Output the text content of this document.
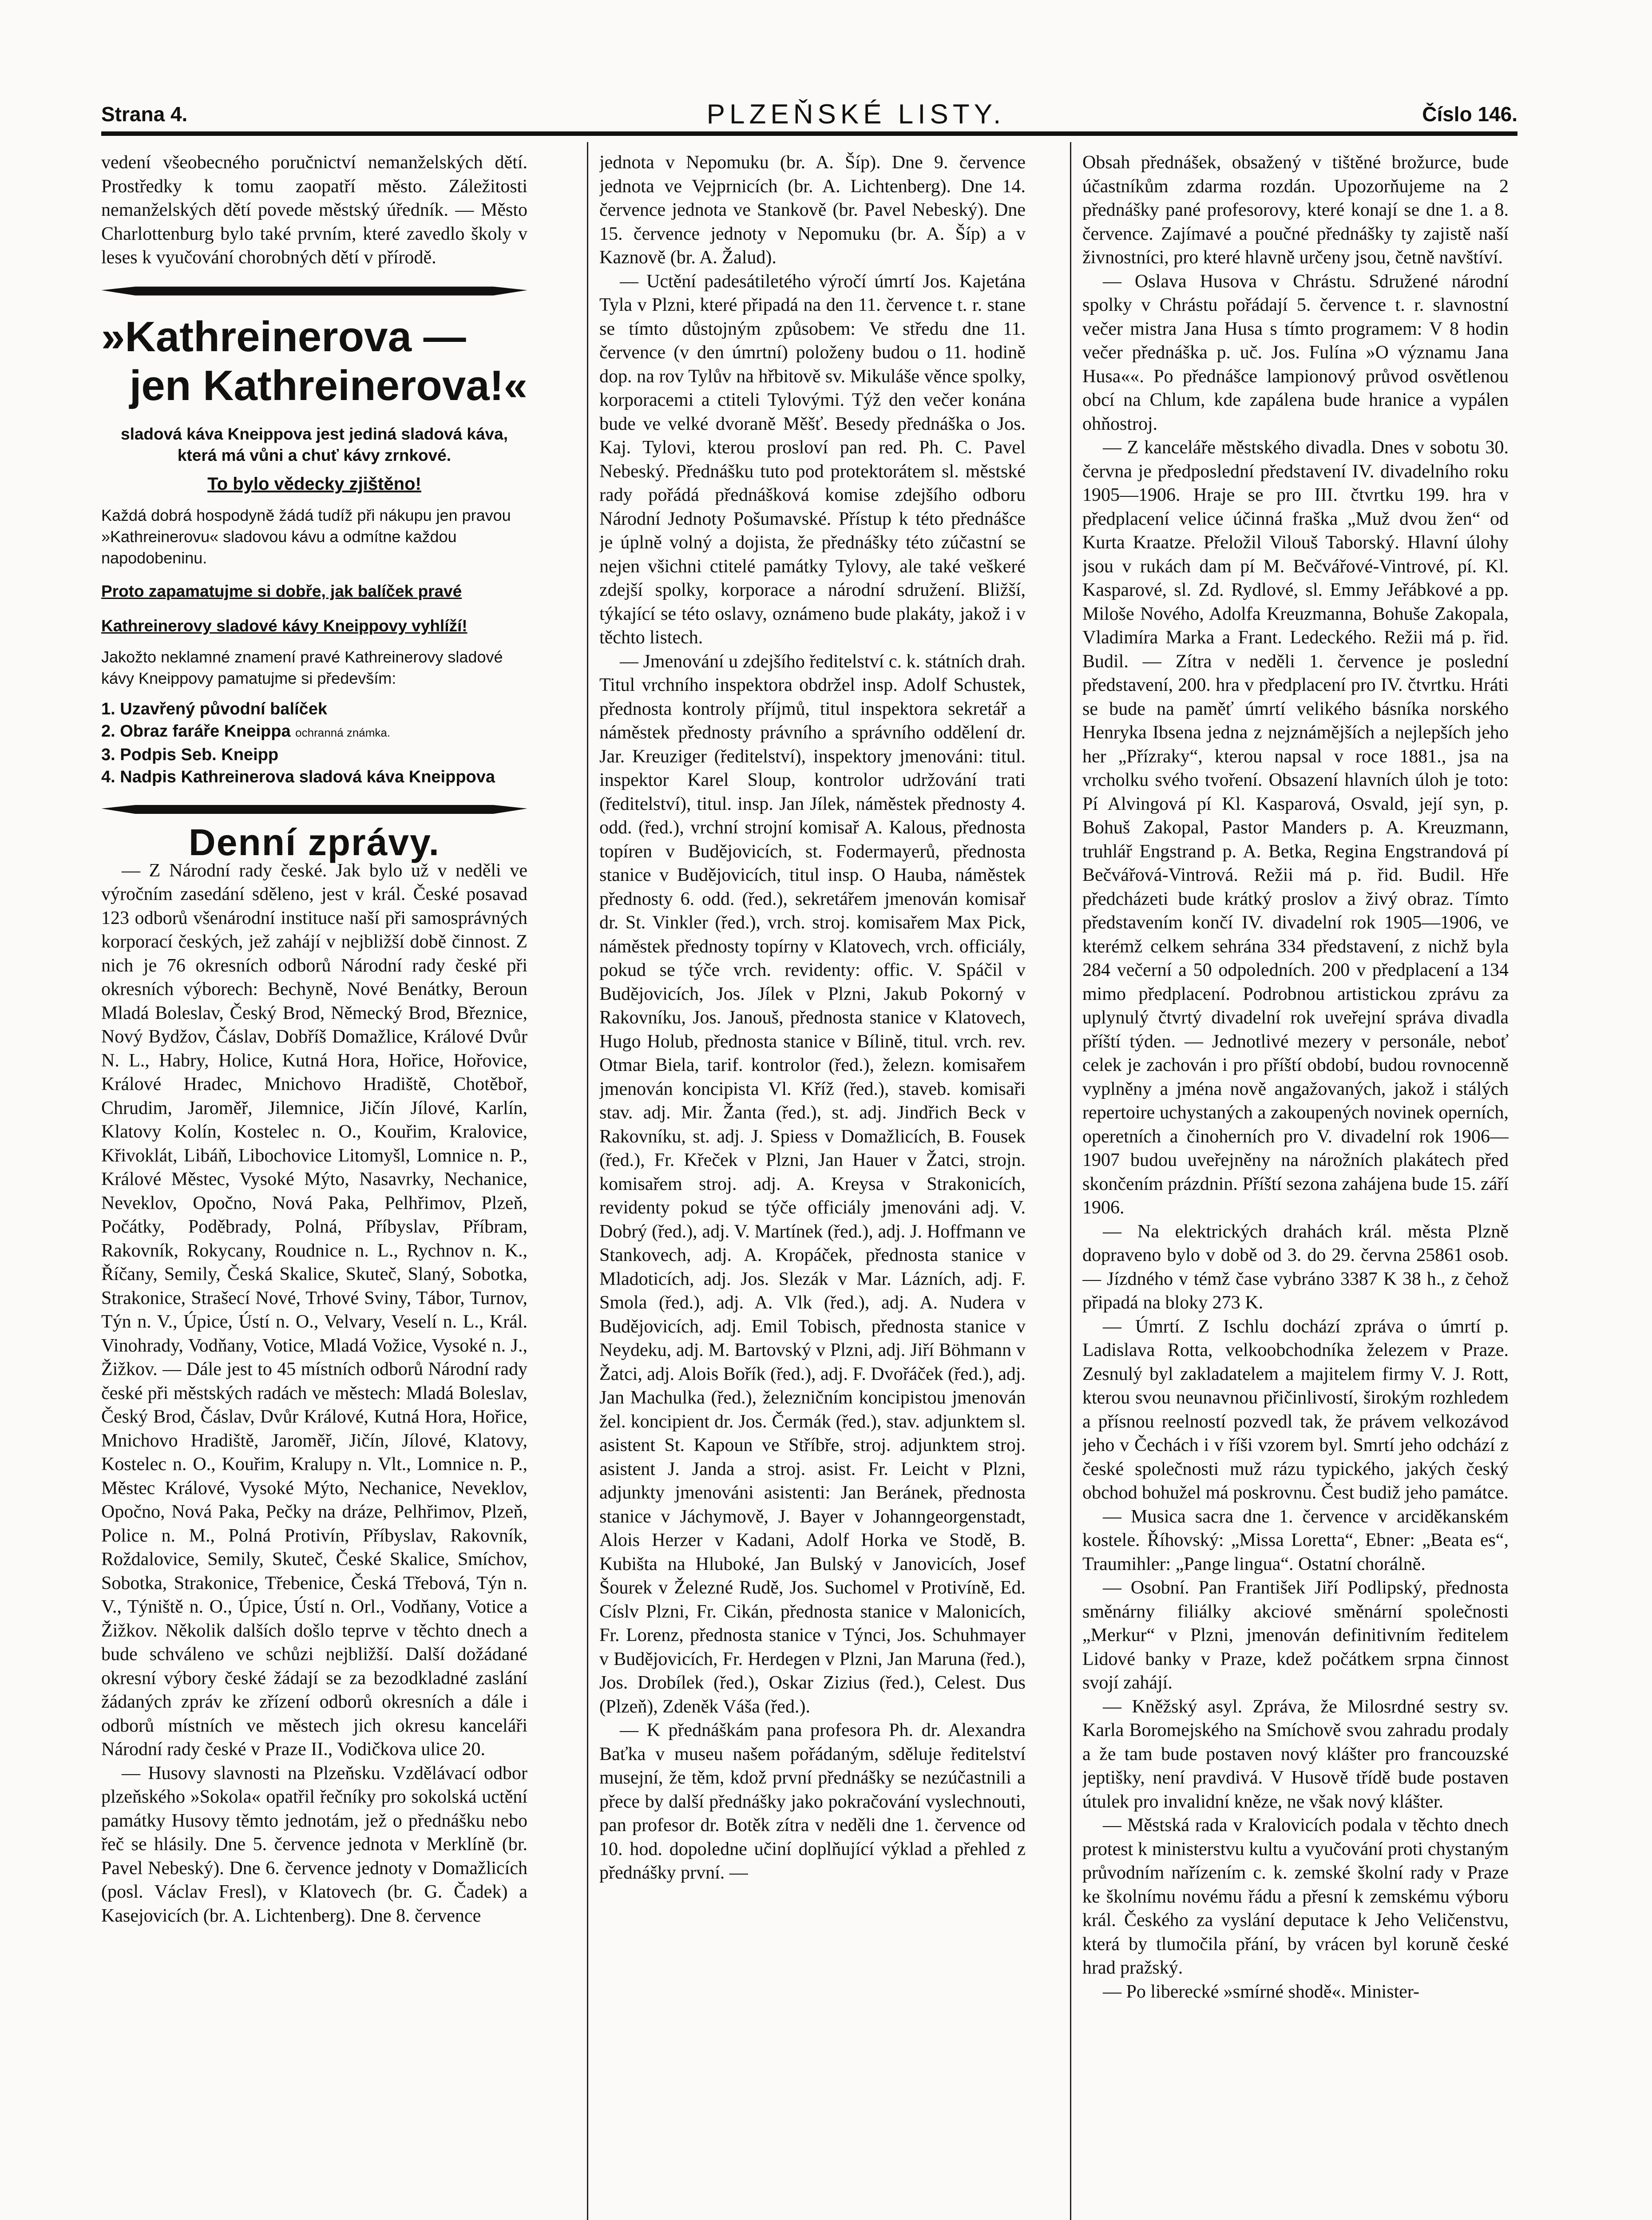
Strana 4.	PLZEŇSKÉ LISTY.	Číslo 146.

vedení všeobecného poručnictví nemanželských dětí. Prostředky k tomu zaopatří město. Záležitosti nemanželských dětí povede městský úředník. — Město Charlottenburg bylo také prvním, které zavedlo školy v leses k vyučování chorobných dětí v přírodě.

»Kathreinerova —
jen Kathreinerova!«
sladová káva Kneippova jest jediná sladová káva, která má vůni a chuť kávy zrnkové.
To bylo vědecky zjištěno!
Každá dobrá hospodyně žádá tudíž při nákupu jen pravou »Kathreinerovu« sladovou kávu a odmítne každou napodobeninu.
Proto zapamatujme si dobře, jak balíček pravé
Kathreinerovy sladové kávy Kneippovy vyhlíží!
Jakožto neklamné znamení pravé Kathreinerovy sladové kávy Kneippovy pamatujme si především:
1. Uzavřený původní balíček
2. Obraz faráře Kneippa ochranná známka.
3. Podpis Seb. Kneipp
4. Nadpis Kathreinerova sladová káva Kneippova
Denní zprávy.

— Z Národní rady české. Jak bylo už v neděli ve výročním zasedání sděleno, jest v král. České posavad 123 odborů všenárodní instituce naší při samosprávných korporací českých, jež zahájí v nejbližší době činnost. Z nich je 76 okresních odborů Národní rady české při okresních výborech: Bechyně, Nové Benátky, Beroun Mladá Boleslav, Český Brod, Německý Brod, Březnice, Nový Bydžov, Čáslav, Dobříš Domažlice, Králové Dvůr N. L., Habry, Holice, Kutná Hora, Hořice, Hořovice, Králové Hradec, Mnichovo Hradiště, Chotěboř, Chrudim, Jaroměř, Jilemnice, Jičín Jílové, Karlín, Klatovy Kolín, Kostelec n. O., Kouřim, Kralovice, Křivoklát, Libáň, Libochovice Litomyšl, Lomnice n. P., Králové Městec, Vysoké Mýto, Nasavrky, Nechanice, Neveklov, Opočno, Nová Paka, Pelhřimov, Plzeň, Počátky, Poděbrady, Polná, Příbyslav, Příbram, Rakovník, Rokycany, Roudnice n. L., Rychnov n. K., Říčany, Semily, Česká Skalice, Skuteč, Slaný, Sobotka, Strakonice, Strašecí Nové, Trhové Sviny, Tábor, Turnov, Týn n. V., Úpice, Ústí n. O., Velvary, Veselí n. L., Král. Vinohrady, Vodňany, Votice, Mladá Vožice, Vysoké n. J., Žižkov. — Dále jest to 45 místních odborů Národní rady české při městských radách ve městech: Mladá Boleslav, Český Brod, Čáslav, Dvůr Králové, Kutná Hora, Hořice, Mnichovo Hradiště, Jaroměř, Jičín, Jílové, Klatovy, Kostelec n. O., Kouřim, Kralupy n. Vlt., Lomnice n. P., Městec Králové, Vysoké Mýto, Nechanice, Neveklov, Opočno, Nová Paka, Pečky na dráze, Pelhřimov, Plzeň, Police n. M., Polná Protivín, Příbyslav, Rakovník, Roždalovice, Semily, Skuteč, České Skalice, Smíchov, Sobotka, Strakonice, Třebenice, Česká Třebová, Týn n. V., Týniště n. O., Úpice, Ústí n. Orl., Vodňany, Votice a Žižkov. Několik dalších došlo teprve v těchto dnech a bude schváleno ve schůzi nejbližší. Další dožádané okresní výbory české žádají se za bezodkladné zaslání žádaných zpráv ke zřízení odborů okresních a dále i odborů místních ve městech jich okresu kanceláři Národní rady české v Praze II., Vodičkova ulice 20.

— Husovy slavnosti na Plzeňsku. Vzdělávací odbor plzeňského »Sokola« opatřil řečníky pro sokolská uctění památky Husovy těmto jednotám, jež o přednášku nebo řeč se hlásily. Dne 5. července jednota v Merklíně (br. Pavel Nebeský). Dne 6. července jednoty v Domažlicích (posl. Václav Fresl), v Klatovech (br. G. Čadek) a Kasejovicích (br. A. Lichtenberg). Dne 8. července

jednota v Nepomuku (br. A. Šíp). Dne 9. července jednota ve Vejprnicích (br. A. Lichtenberg). Dne 14. července jednota ve Stankově (br. Pavel Nebeský). Dne 15. července jednoty v Nepomuku (br. A. Šíp) a v Kaznově (br. A. Žalud).

— Uctění padesátiletého výročí úmrtí Jos. Kajetána Tyla v Plzni, které připadá na den 11. července t. r. stane se tímto důstojným způsobem: Ve středu dne 11. července (v den úmrtní) položeny budou o 11. hodině dop. na rov Tylův na hřbitově sv. Mikuláše věnce spolky, korporacemi a ctiteli Tylovými. Týž den večer konána bude ve velké dvoraně Měšť. Besedy přednáška o Jos. Kaj. Tylovi, kterou prosloví pan red. Ph. C. Pavel Nebeský. Přednášku tuto pod protektorátem sl. městské rady pořádá přednášková komise zdejšího odboru Národní Jednoty Pošumavské. Přístup k této přednášce je úplně volný a dojista, že přednášky této zúčastní se nejen všichni ctitelé památky Tylovy, ale také veškeré zdejší spolky, korporace a národní sdružení. Bližší, týkající se této oslavy, oznámeno bude plakáty, jakož i v těchto listech.

— Jmenování u zdejšího ředitelství c. k. státních drah. Titul vrchního inspektora obdržel insp. Adolf Schustek, přednosta kontroly příjmů, titul inspektora sekretář a náměstek přednosty právního a správního oddělení dr. Jar. Kreuziger (ředitelství), inspektory jmenováni: titul. inspektor Karel Sloup, kontrolor udržování trati (ředitelství), titul. insp. Jan Jílek, náměstek přednosty 4. odd. (řed.), vrchní strojní komisař A. Kalous, přednosta topíren v Budějovicích, st. Fodermayerů, přednosta stanice v Budějovicích, titul insp. O Hauba, náměstek přednosty 6. odd. (řed.), sekretářem jmenován komisař dr. St. Vinkler (řed.), vrch. stroj. komisařem Max Pick, náměstek přednosty topírny v Klatovech, vrch. officiály, pokud se týče vrch. revidenty: offic. V. Spáčil v Budějovicích, Jos. Jílek v Plzni, Jakub Pokorný v Rakovníku, Jos. Janouš, přednosta stanice v Klatovech, Hugo Holub, přednosta stanice v Bílině, titul. vrch. rev. Otmar Biela, tarif. kontrolor (řed.), železn. komisařem jmenován koncipista Vl. Kříž (řed.), staveb. komisaři stav. adj. Mir. Žanta (řed.), st. adj. Jindřich Beck v Rakovníku, st. adj. J. Spiess v Domažlicích, B. Fousek (řed.), Fr. Křeček v Plzni, Jan Hauer v Žatci, strojn. komisařem stroj. adj. A. Kreysa v Strakonicích, revidenty pokud se týče officiály jmenováni adj. V. Dobrý (řed.), adj. V. Martínek (řed.), adj. J. Hoffmann ve Stankovech, adj. A. Kropáček, přednosta stanice v Mladoticích, adj. Jos. Slezák v Mar. Lázních, adj. F. Smola (řed.), adj. A. Vlk (řed.), adj. A. Nudera v Budějovicích, adj. Emil Tobisch, přednosta stanice v Neydeku, adj. M. Bartovský v Plzni, adj. Jiří Böhmann v Žatci, adj. Alois Bořík (řed.), adj. F. Dvořáček (řed.), adj. Jan Machulka (řed.), železničním koncipistou jmenován žel. koncipient dr. Jos. Čermák (řed.), stav. adjunktem sl. asistent St. Kapoun ve Stříbře, stroj. adjunktem stroj. asistent J. Janda a stroj. asist. Fr. Leicht v Plzni, adjunkty jmenováni asistenti: Jan Beránek, přednosta stanice v Jáchymově, J. Bayer v Johanngeorgenstadt, Alois Herzer v Kadani, Adolf Horka ve Stodě, B. Kubišta na Hluboké, Jan Bulský v Janovicích, Josef Šourek v Železné Rudě, Jos. Suchomel v Protivíně, Ed. Císlv Plzni, Fr. Cikán, přednosta stanice v Malonicích, Fr. Lorenz, přednosta stanice v Týnci, Jos. Schuhmayer v Budějovicích, Fr. Herdegen v Plzni, Jan Maruna (řed.), Jos. Drobílek (řed.), Oskar Zizius (řed.), Celest. Dus (Plzeň), Zdeněk Váša (řed.).

— K přednáškám pana profesora Ph. dr. Alexandra Baťka v museu našem pořádaným, sděluje ředitelství musejní, že těm, kdož první přednášky se nezúčastnili a přece by další přednášky jako pokračování vyslechnouti, pan profesor dr. Botěk zítra v neděli dne 1. července od 10. hod. dopoledne učiní doplňující výklad a přehled z přednášky první. —

Obsah přednášek, obsažený v tištěné brožurce, bude účastníkům zdarma rozdán. Upozorňujeme na 2 přednášky pané profesorovy, které konají se dne 1. a 8. července. Zajímavé a poučné přednášky ty zajistě naší živnostníci, pro které hlavně určeny jsou, četně navštíví.

— Oslava Husova v Chrástu. Sdružené národní spolky v Chrástu pořádají 5. července t. r. slavnostní večer mistra Jana Husa s tímto programem: V 8 hodin večer přednáška p. uč. Jos. Fulína »O významu Jana Husa««. Po přednášce lampionový průvod osvětlenou obcí na Chlum, kde zapálena bude hranice a vypálen ohňostroj.

— Z kanceláře městského divadla. Dnes v sobotu 30. června je předposlední představení IV. divadelního roku 1905—1906. Hraje se pro III. čtvrtku 199. hra v předplacení velice účinná fraška „Muž dvou žen“ od Kurta Kraatze. Přeložil Vilouš Taborský. Hlavní úlohy jsou v rukách dam pí M. Bečvářové-Vintrové, pí. Kl. Kasparové, sl. Zd. Rydlové, sl. Emmy Jeřábkové a pp. Miloše Nového, Adolfa Kreuzmanna, Bohuše Zakopala, Vladimíra Marka a Frant. Ledeckého. Režii má p. řid. Budil. — Zítra v neděli 1. července je poslední představení, 200. hra v předplacení pro IV. čtvrtku. Hráti se bude na paměť úmrtí velikého básníka norského Henryka Ibsena jedna z nejznámějších a nejlepších jeho her „Přízraky“, kterou napsal v roce 1881., jsa na vrcholku svého tvoření. Obsazení hlavních úloh je toto: Pí Alvingová pí Kl. Kasparová, Osvald, její syn, p. Bohuš Zakopal, Pastor Manders p. A. Kreuzmann, truhlář Engstrand p. A. Betka, Regina Engstrandová pí Bečvářová-Vintrová. Režii má p. řid. Budil. Hře předcházeti bude krátký proslov a živý obraz. Tímto představením končí IV. divadelní rok 1905—1906, ve kterémž celkem sehrána 334 představení, z nichž byla 284 večerní a 50 odpoledních. 200 v předplacení a 134 mimo předplacení. Podrobnou artistickou zprávu za uplynulý čtvrtý divadelní rok uveřejní správa divadla příští týden. — Jednotlivé mezery v personále, neboť celek je zachován i pro příští období, budou rovnocenně vyplněny a jména nově angažovaných, jakož i stálých repertoire uchystaných a zakoupených novinek operních, operetních a činoherních pro V. divadelní rok 1906—1907 budou uveřejněny na nárožních plakátech před skončením prázdnin. Příští sezona zahájena bude 15. září 1906.

— Na elektrických drahách král. města Plzně dopraveno bylo v době od 3. do 29. června 25861 osob. — Jízdného v témž čase vybráno 3387 K 38 h., z čehož připadá na bloky 273 K.

— Úmrtí. Z Ischlu dochází zpráva o úmrtí p. Ladislava Rotta, velkoobchodníka železem v Praze. Zesnulý byl zakladatelem a majitelem firmy V. J. Rott, kterou svou neunavnou přičinlivostí, širokým rozhledem a přísnou reelností pozvedl tak, že právem velkozávod jeho v Čechách i v říši vzorem byl. Smrtí jeho odchází z české společnosti muž rázu typického, jakých český obchod bohužel má poskrovnu. Čest budiž jeho památce.

— Musica sacra dne 1. července v arciděkanském kostele. Říhovský: „Missa Loretta“, Ebner: „Beata es“, Traumihler: „Pange lingua“. Ostatní chorálně.

— Osobní. Pan František Jiří Podlipský, přednosta směnárny filiálky akciové směnární společnosti „Merkur“ v Plzni, jmenován definitivním ředitelem Lidové banky v Praze, kdež počátkem srpna činnost svojí zahájí.

— Kněžský asyl. Zpráva, že Milosrdné sestry sv. Karla Boromejského na Smíchově svou zahradu prodaly a že tam bude postaven nový klášter pro francouzské jeptišky, není pravdivá. V Husově třídě bude postaven útulek pro invalidní kněze, ne však nový klášter.

— Městská rada v Kralovicích podala v těchto dnech protest k ministerstvu kultu a vyučování proti chystaným průvodním nařízením c. k. zemské školní rady v Praze ke školnímu novému řádu a přesní k zemskému výboru král. Českého za vyslání deputace k Jeho Veličenstvu, která by tlumočila přání, by vrácen byl koruně české hrad pražský.

— Po liberecké »smírné shodě«. Minister-
